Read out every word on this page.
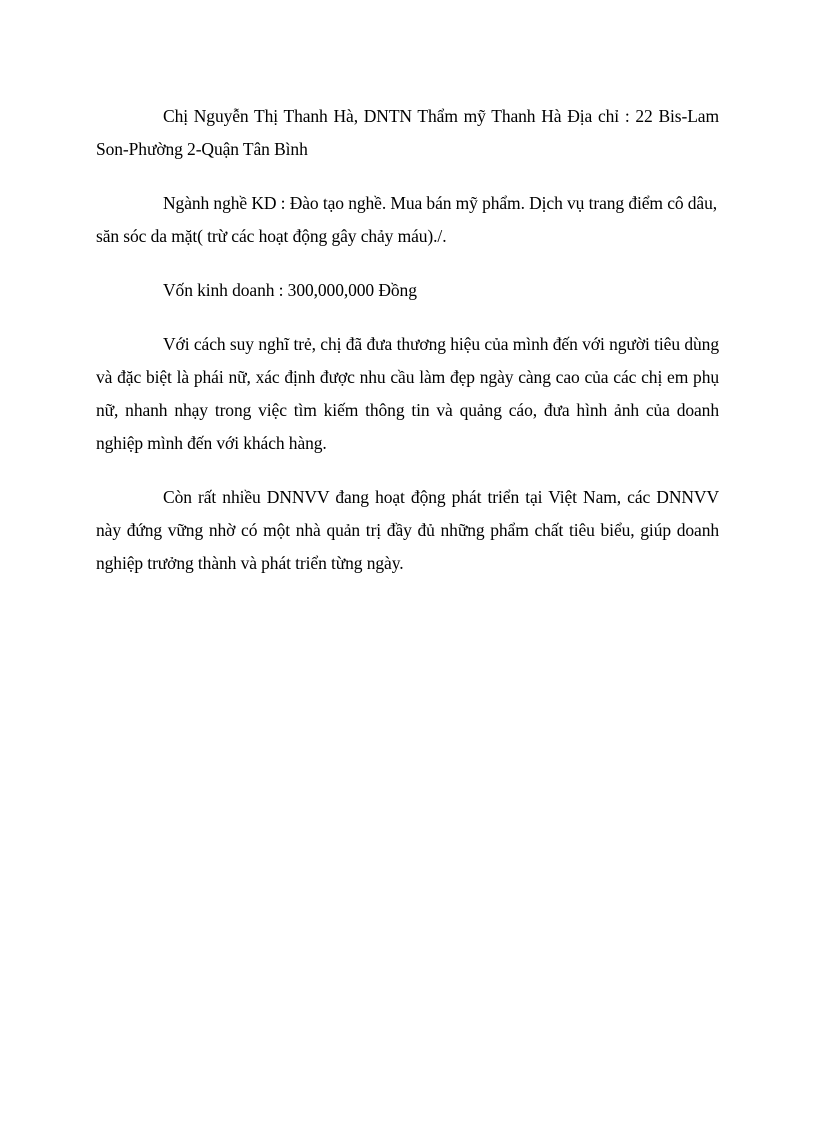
Chị Nguyễn Thị Thanh Hà, DNTN Thẩm mỹ Thanh Hà Địa chỉ : 22 Bis-Lam Son-Phường 2-Quận Tân Bình

Ngành nghề KD : Đào tạo nghề. Mua bán mỹ phẩm. Dịch vụ trang điểm cô dâu, săn sóc da mặt( trừ các hoạt động gây chảy máu)./.

Vốn kinh doanh : 300,000,000 Đồng

Với cách suy nghĩ trẻ, chị đã đưa thương hiệu của mình đến với người tiêu dùng và đặc biệt là phái nữ, xác định được nhu cầu làm đẹp ngày càng cao của các chị em phụ nữ, nhanh nhạy trong việc tìm kiếm thông tin và quảng cáo, đưa hình ảnh của doanh nghiệp mình đến với khách hàng.

Còn rất nhiều DNNVV đang hoạt động phát triển tại Việt Nam, các DNNVV này đứng vững nhờ có một nhà quản trị đầy đủ những phẩm chất tiêu biểu, giúp doanh nghiệp trưởng thành và phát triển từng ngày.
